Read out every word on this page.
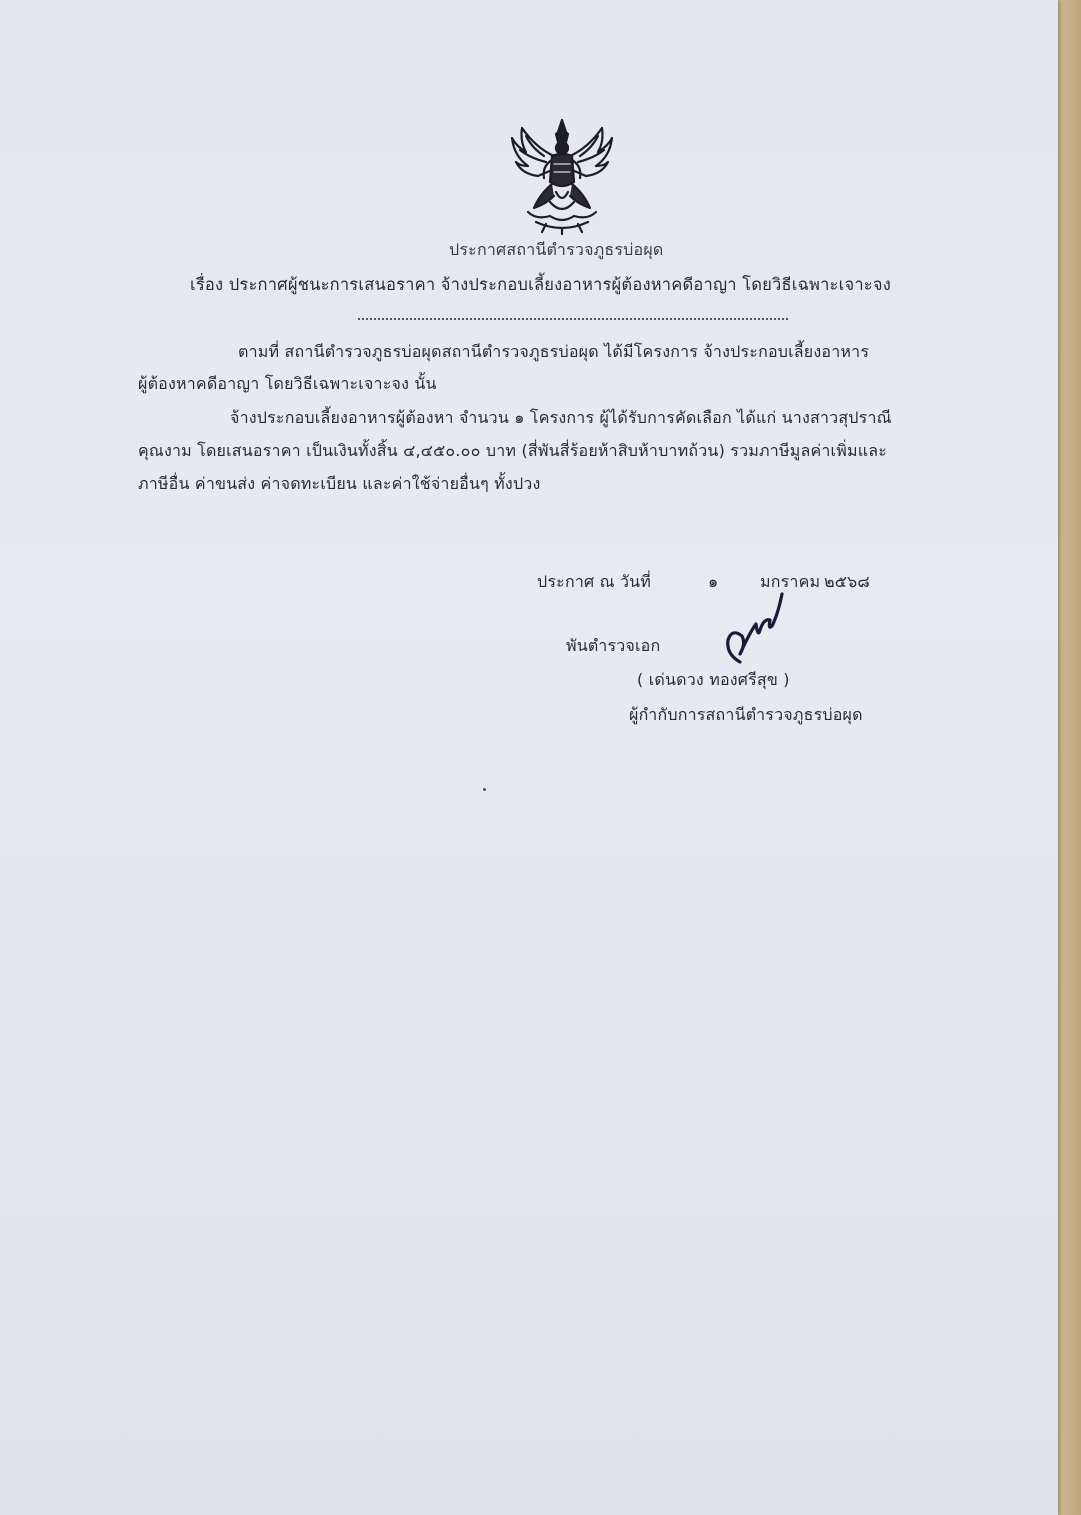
ประกาศสถานีตำรวจภูธรบ่อผุด
เรื่อง ประกาศผู้ชนะการเสนอราคา จ้างประกอบเลี้ยงอาหารผู้ต้องหาคดีอาญา โดยวิธีเฉพาะเจาะจง
ตามที่ สถานีตำรวจภูธรบ่อผุดสถานีตำรวจภูธรบ่อผุด ได้มีโครงการ จ้างประกอบเลี้ยงอาหาร
ผู้ต้องหาคดีอาญา โดยวิธีเฉพาะเจาะจง นั้น
จ้างประกอบเลี้ยงอาหารผู้ต้องหา จำนวน ๑ โครงการ ผู้ได้รับการคัดเลือก ได้แก่ นางสาวสุปราณี
คุณงาม โดยเสนอราคา เป็นเงินทั้งสิ้น ๔,๔๕๐.๐๐ บาท (สี่พันสี่ร้อยห้าสิบห้าบาทถ้วน) รวมภาษีมูลค่าเพิ่มและ
ภาษีอื่น ค่าขนส่ง ค่าจดทะเบียน และค่าใช้จ่ายอื่นๆ ทั้งปวง
ประกาศ ณ วันที่	๑	มกราคม ๒๕๖๘
พันตำรวจเอก
( เด่นดวง ทองศรีสุข )
ผู้กำกับการสถานีตำรวจภูธรบ่อผุด
